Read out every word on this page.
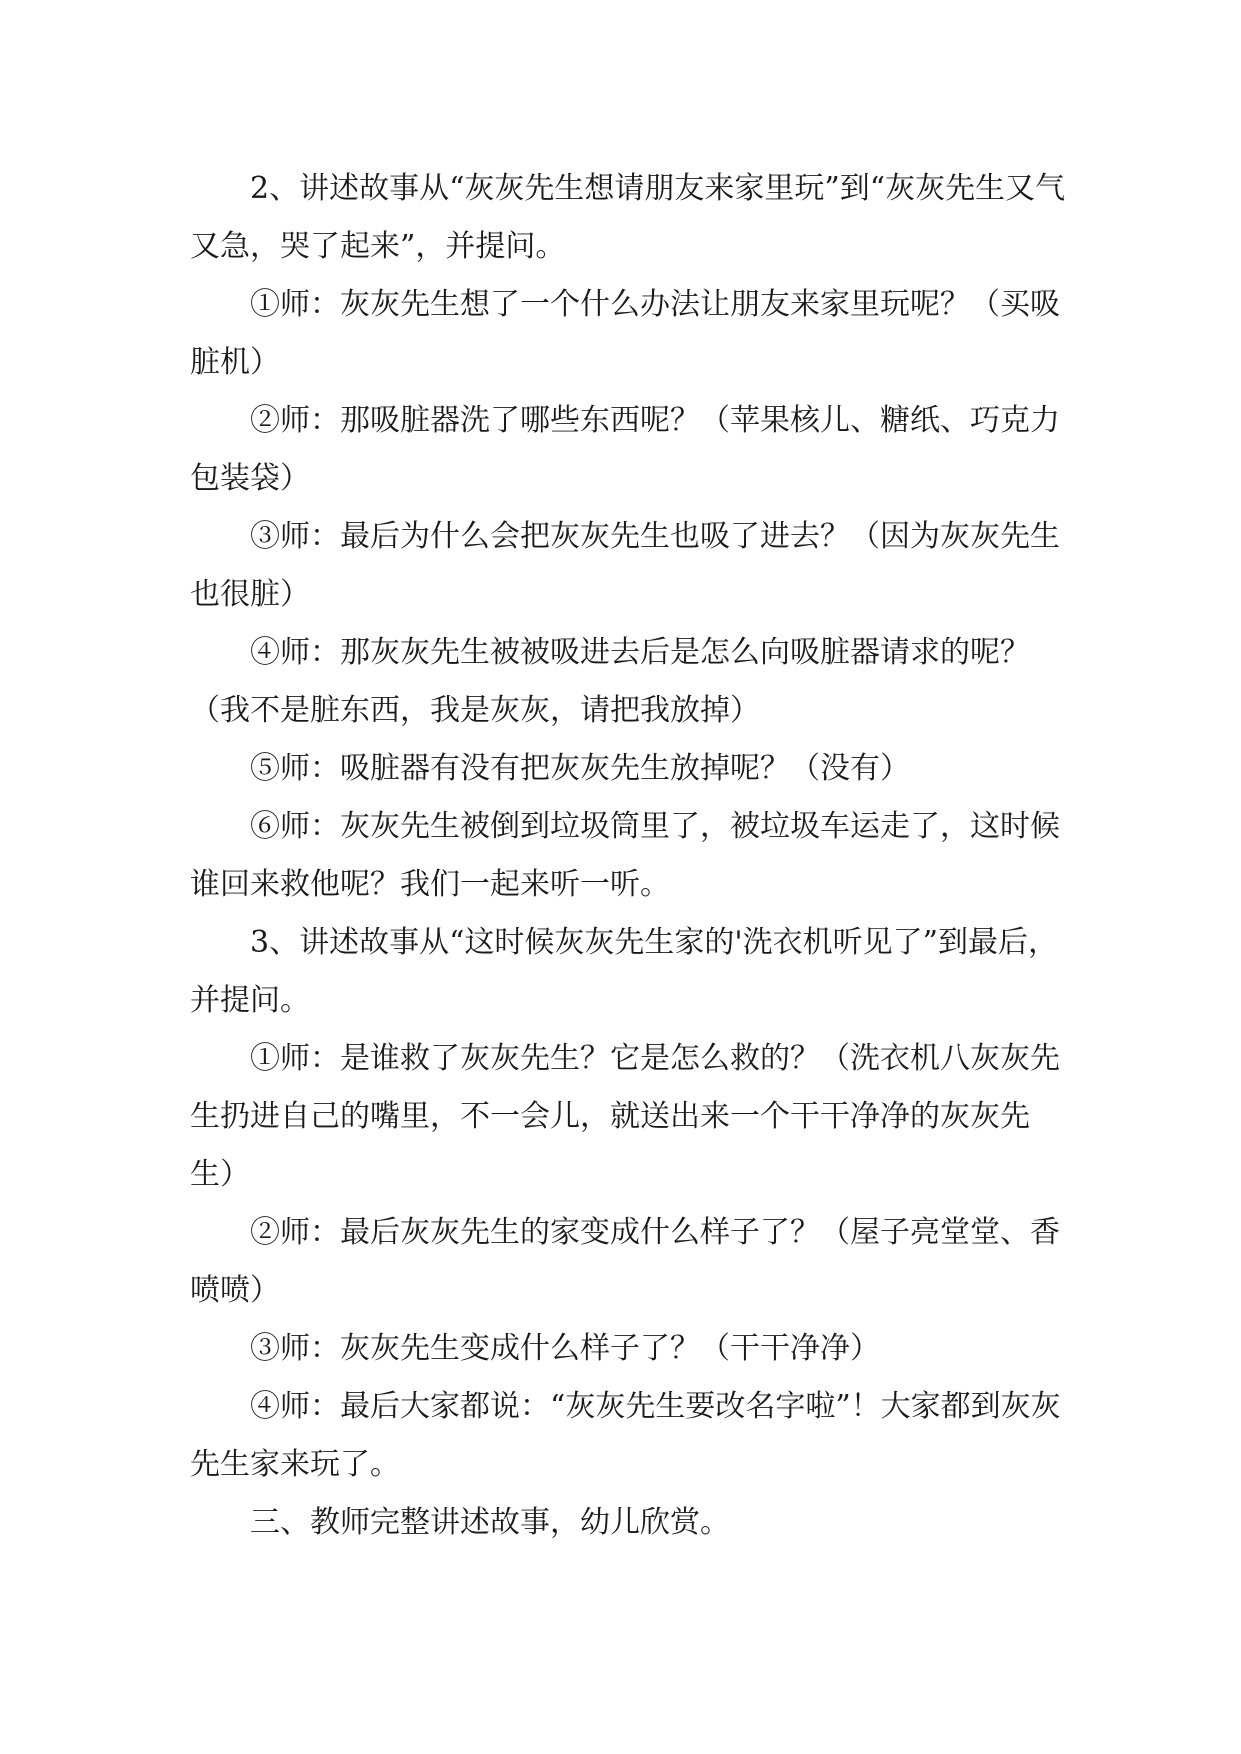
2、讲述故事从“灰灰先生想请朋友来家里玩”到“灰灰先生又气又急，哭了起来”，并提问。

①师：灰灰先生想了一个什么办法让朋友来家里玩呢？（买吸脏机）

②师：那吸脏器洗了哪些东西呢？（苹果核儿、糖纸、巧克力包装袋）

③师：最后为什么会把灰灰先生也吸了进去？（因为灰灰先生也很脏）

④师：那灰灰先生被被吸进去后是怎么向吸脏器请求的呢？（我不是脏东西，我是灰灰，请把我放掉）

⑤师：吸脏器有没有把灰灰先生放掉呢？（没有）

⑥师：灰灰先生被倒到垃圾筒里了，被垃圾车运走了，这时候谁回来救他呢？我们一起来听一听。

3、讲述故事从“这时候灰灰先生家的'洗衣机听见了”到最后，并提问。

①师：是谁救了灰灰先生？它是怎么救的？（洗衣机八灰灰先生扔进自己的嘴里，不一会儿，就送出来一个干干净净的灰灰先生）

②师：最后灰灰先生的家变成什么样子了？（屋子亮堂堂、香喷喷）

③师：灰灰先生变成什么样子了？（干干净净）

④师：最后大家都说：“灰灰先生要改名字啦”！大家都到灰灰先生家来玩了。

三、教师完整讲述故事，幼儿欣赏。
